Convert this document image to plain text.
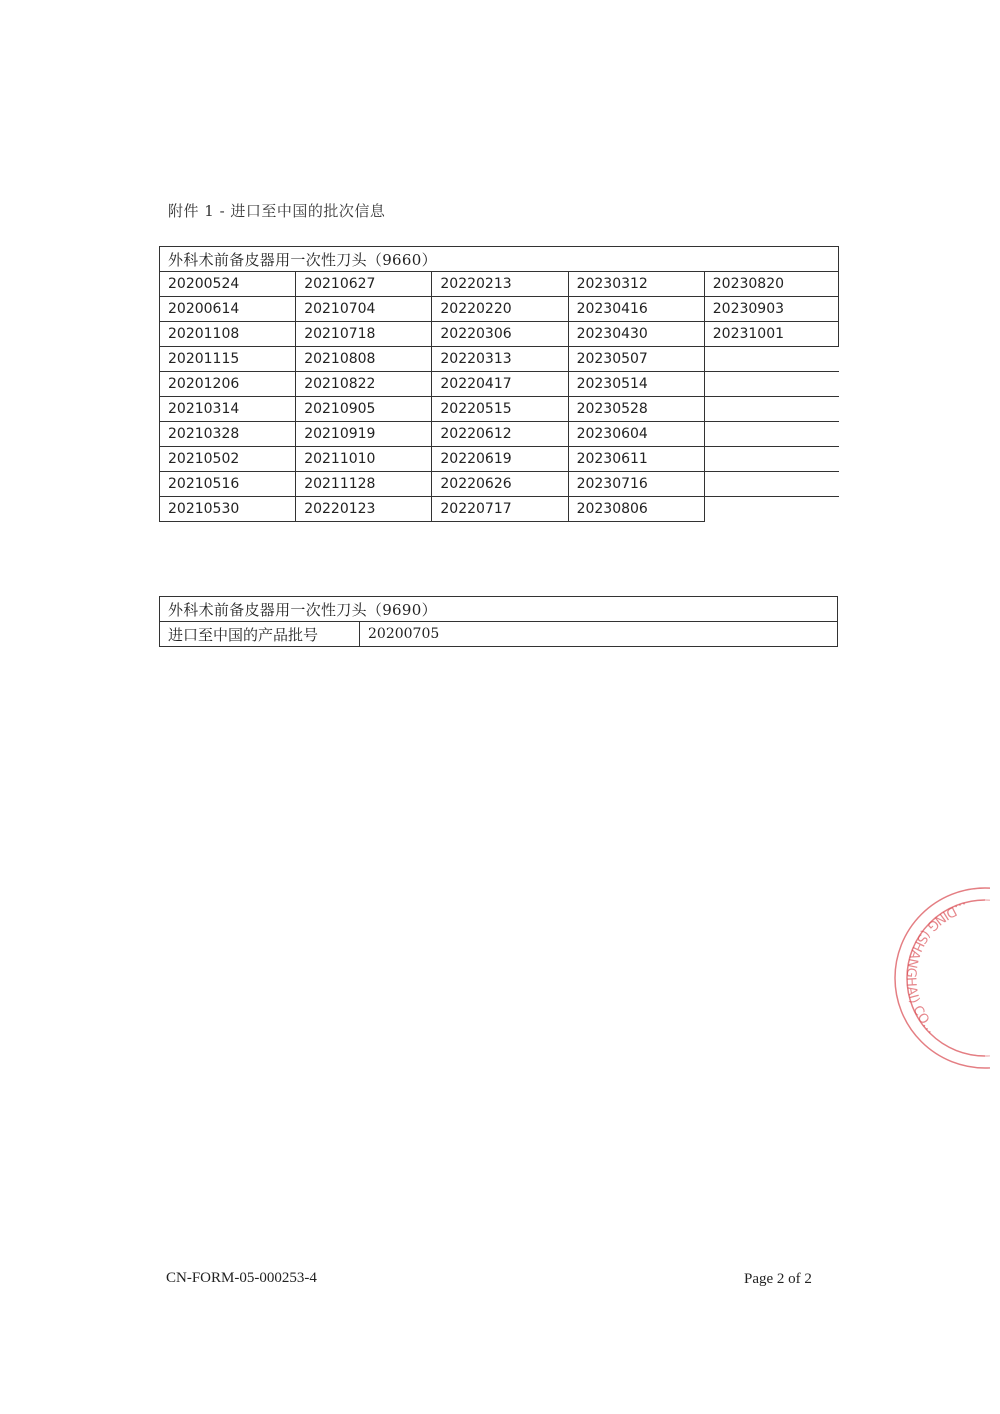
附件 1 - 进口至中国的批次信息
外科术前备皮器用一次性刀头（9660）				
20200524	20210627	20220213	20230312	20230820
20200614	20210704	20220220	20230416	20230903
20201108	20210718	20220306	20230430	20231001
20201115	20210808	20220313	20230507	
20201206	20210822	20220417	20230514	
20210314	20210905	20220515	20230528	
20210328	20210919	20220612	20230604	
20210502	20211010	20220619	20230611	
20210516	20211128	20220626	20230716	
20210530	20220123	20220717	20230806	
外科术前备皮器用一次性刀头（9690）
进口至中国的产品批号	20200705
...DING (SHANGHAI) CO...
CN-FORM-05-000253-4	Page 2 of 2
